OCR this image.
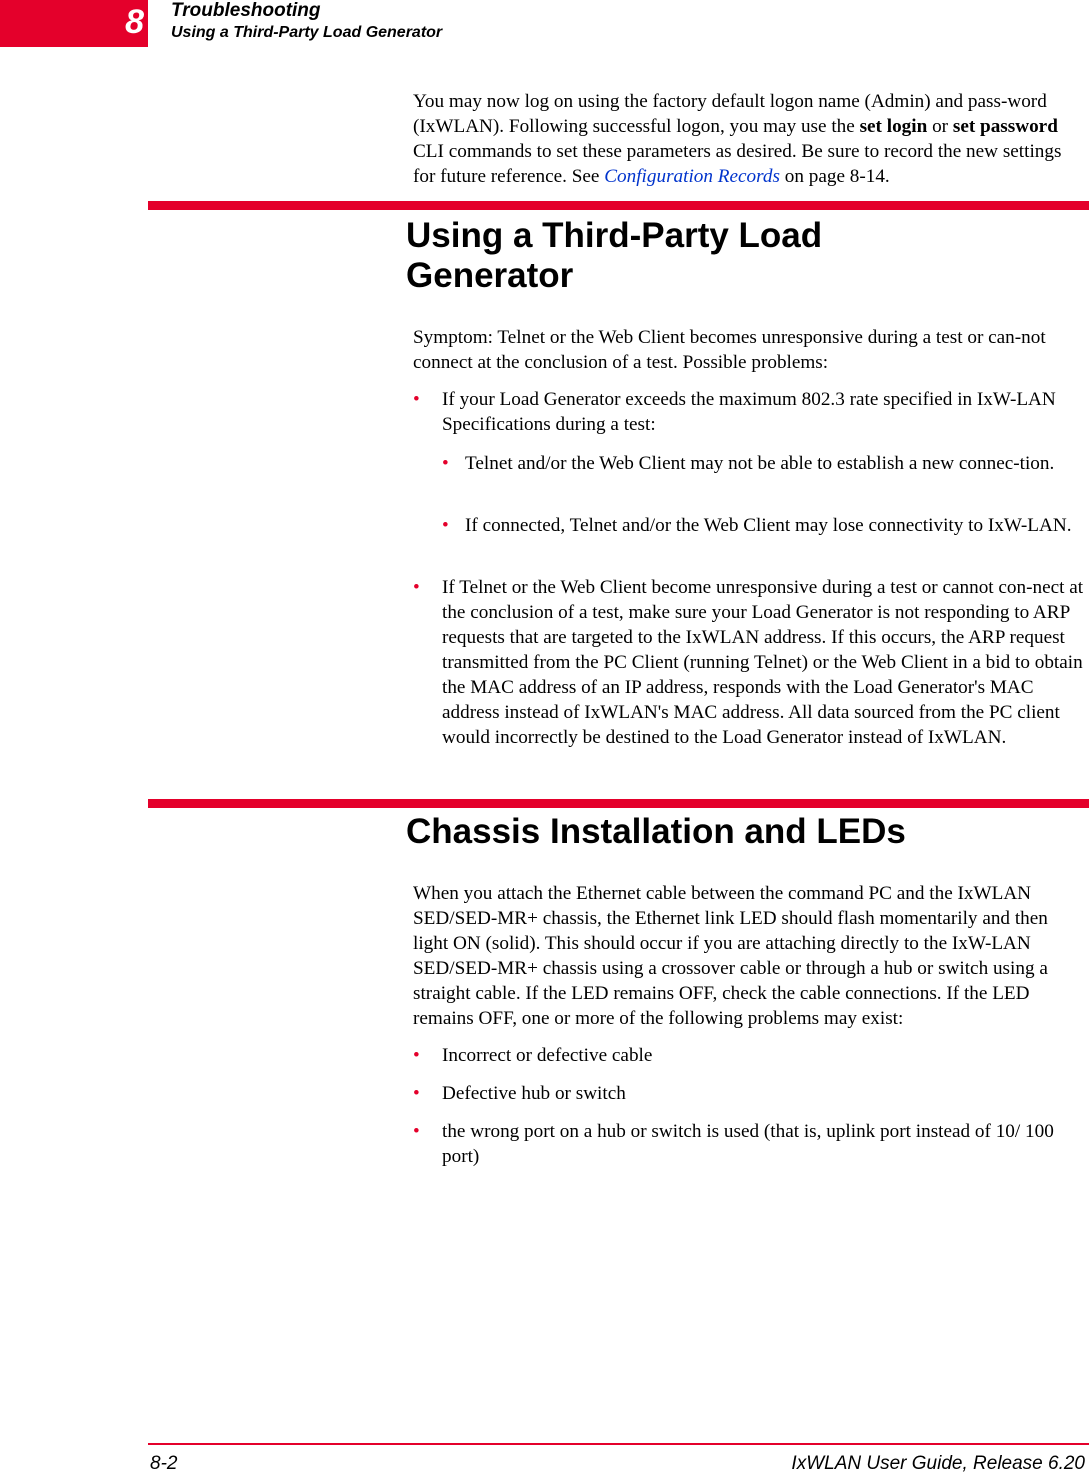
8 Troubleshooting
Using a Third-Party Load Generator

You may now log on using the factory default logon name (Admin) and pass-word (IxWLAN). Following successful logon, you may use the set login or set password CLI commands to set these parameters as desired. Be sure to record the new settings for future reference. See Configuration Records on page 8-14.

Using a Third-Party Load
Generator

Symptom: Telnet or the Web Client becomes unresponsive during a test or can-not connect at the conclusion of a test. Possible problems:

• If your Load Generator exceeds the maximum 802.3 rate specified in IxW-LAN Specifications during a test:
• Telnet and/or the Web Client may not be able to establish a new connec-tion.
• If connected, Telnet and/or the Web Client may lose connectivity to IxW-LAN.
• If Telnet or the Web Client become unresponsive during a test or cannot con-nect at the conclusion of a test, make sure your Load Generator is not responding to ARP requests that are targeted to the IxWLAN address. If this occurs, the ARP request transmitted from the PC Client (running Telnet) or the Web Client in a bid to obtain the MAC address of an IP address, responds with the Load Generator's MAC address instead of IxWLAN's MAC address. All data sourced from the PC client would incorrectly be destined to the Load Generator instead of IxWLAN.
Chassis Installation and LEDs

When you attach the Ethernet cable between the command PC and the IxWLAN SED/SED-MR+ chassis, the Ethernet link LED should flash momentarily and then light ON (solid). This should occur if you are attaching directly to the IxW-LAN SED/SED-MR+ chassis using a crossover cable or through a hub or switch using a straight cable. If the LED remains OFF, check the cable connections. If the LED remains OFF, one or more of the following problems may exist:

• Incorrect or defective cable
• Defective hub or switch
• the wrong port on a hub or switch is used (that is, uplink port instead of 10/ 100 port)
8-2	IxWLAN User Guide, Release 6.20
